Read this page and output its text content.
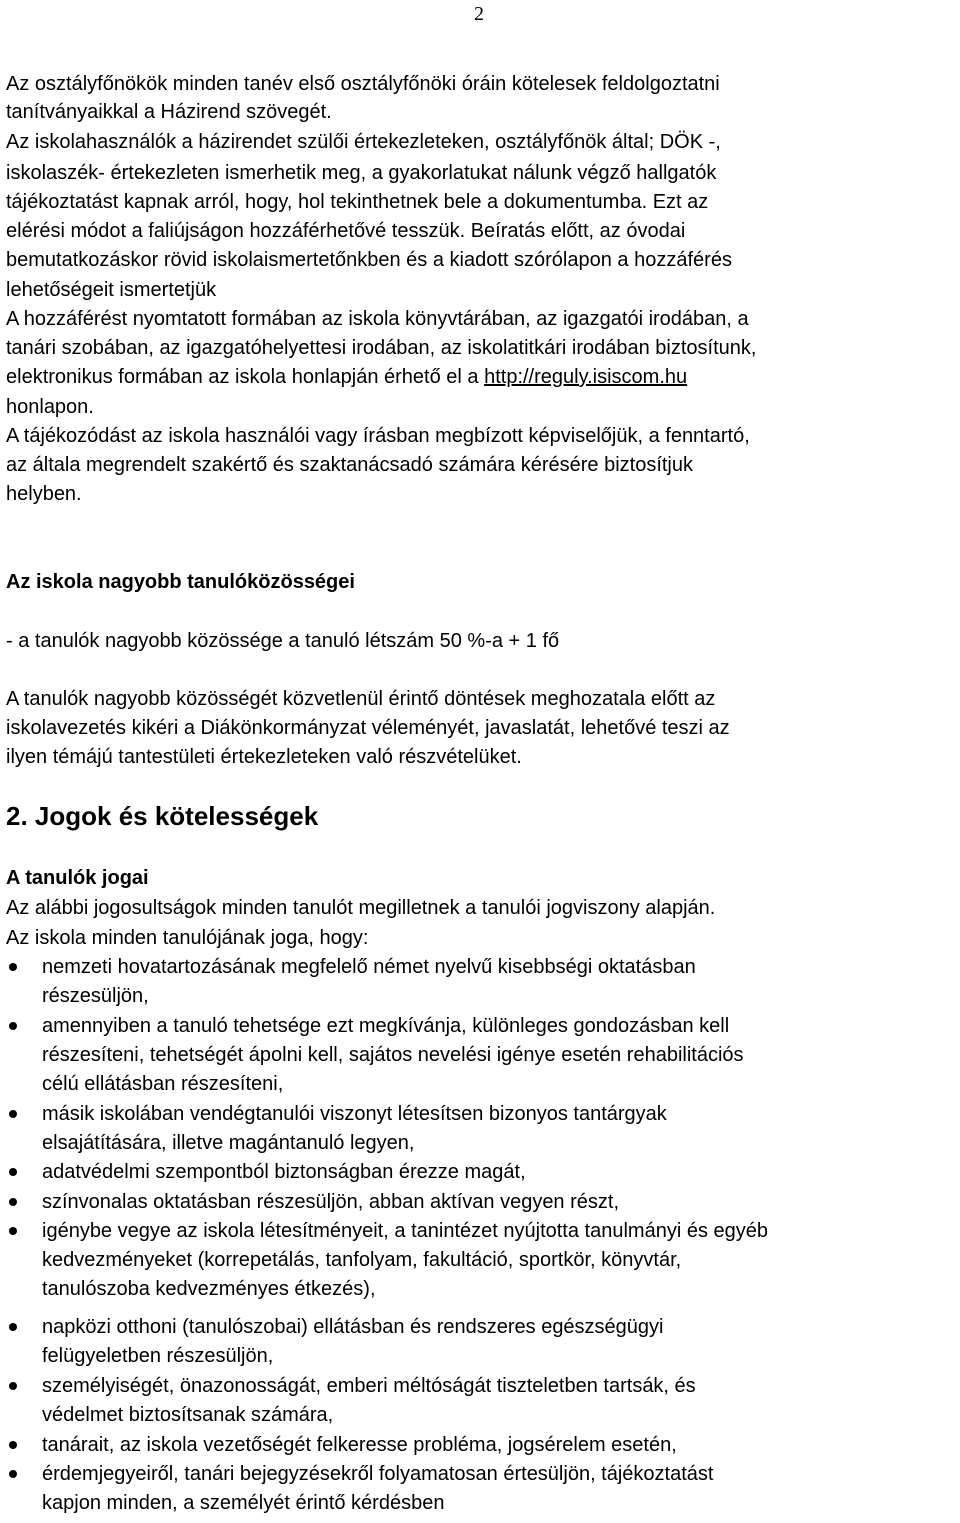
2
Az osztályfőnökök minden tanév első osztályfőnöki óráin kötelesek feldolgoztatni
tanítványaikkal a Házirend szövegét.
Az iskolahasználók a házirendet szülői értekezleteken, osztályfőnök által; DÖK -,
iskolaszék- értekezleten ismerhetik meg, a gyakorlatukat nálunk végző hallgatók
tájékoztatást kapnak arról, hogy, hol tekinthetnek bele a dokumentumba. Ezt az
elérési módot a faliújságon hozzáférhetővé tesszük. Beíratás előtt, az óvodai
bemutatkozáskor rövid iskolaismertetőnkben és a kiadott szórólapon a hozzáférés
lehetőségeit ismertetjük
A hozzáférést nyomtatott formában az iskola könyvtárában, az igazgatói irodában, a
tanári szobában, az igazgatóhelyettesi irodában, az iskolatitkári irodában biztosítunk,
elektronikus formában az iskola honlapján érhető el a http://reguly.isiscom.hu
honlapon.
A tájékozódást az iskola használói vagy írásban megbízott képviselőjük, a fenntartó,
az általa megrendelt szakértő és szaktanácsadó számára kérésére biztosítjuk
helyben.
Az iskola nagyobb tanulóközösségei
- a tanulók nagyobb közössége a tanuló létszám 50 %-a + 1 fő
A tanulók nagyobb közösségét közvetlenül érintő döntések meghozatala előtt az
iskolavezetés kikéri a Diákönkormányzat véleményét, javaslatát, lehetővé teszi az
ilyen témájú tantestületi értekezleteken való részvételüket.
2. Jogok és kötelességek
A tanulók jogai
Az alábbi jogosultságok minden tanulót megilletnek a tanulói jogviszony alapján.
Az iskola minden tanulójának joga, hogy:
nemzeti hovatartozásának megfelelő német nyelvű kisebbségi oktatásban
részesüljön,
amennyiben a tanuló tehetsége ezt megkívánja, különleges gondozásban kell
részesíteni, tehetségét ápolni kell, sajátos nevelési igénye esetén rehabilitációs
célú ellátásban részesíteni,
másik iskolában vendégtanulói viszonyt létesítsen bizonyos tantárgyak
elsajátítására, illetve magántanuló legyen,
adatvédelmi szempontból biztonságban érezze magát,
színvonalas oktatásban részesüljön, abban aktívan vegyen részt,
igénybe vegye az iskola létesítményeit, a tanintézet nyújtotta tanulmányi és egyéb
kedvezményeket (korrepetálás, tanfolyam, fakultáció, sportkör, könyvtár,
tanulószoba kedvezményes étkezés),
napközi otthoni (tanulószobai) ellátásban és rendszeres egészségügyi
felügyeletben részesüljön,
személyiségét, önazonosságát, emberi méltóságát tiszteletben tartsák, és
védelmet biztosítsanak számára,
tanárait, az iskola vezetőségét felkeresse probléma, jogsérelem esetén,
érdemjegyeiről, tanári bejegyzésekről folyamatosan értesüljön, tájékoztatást
kapjon minden, a személyét érintő kérdésben
